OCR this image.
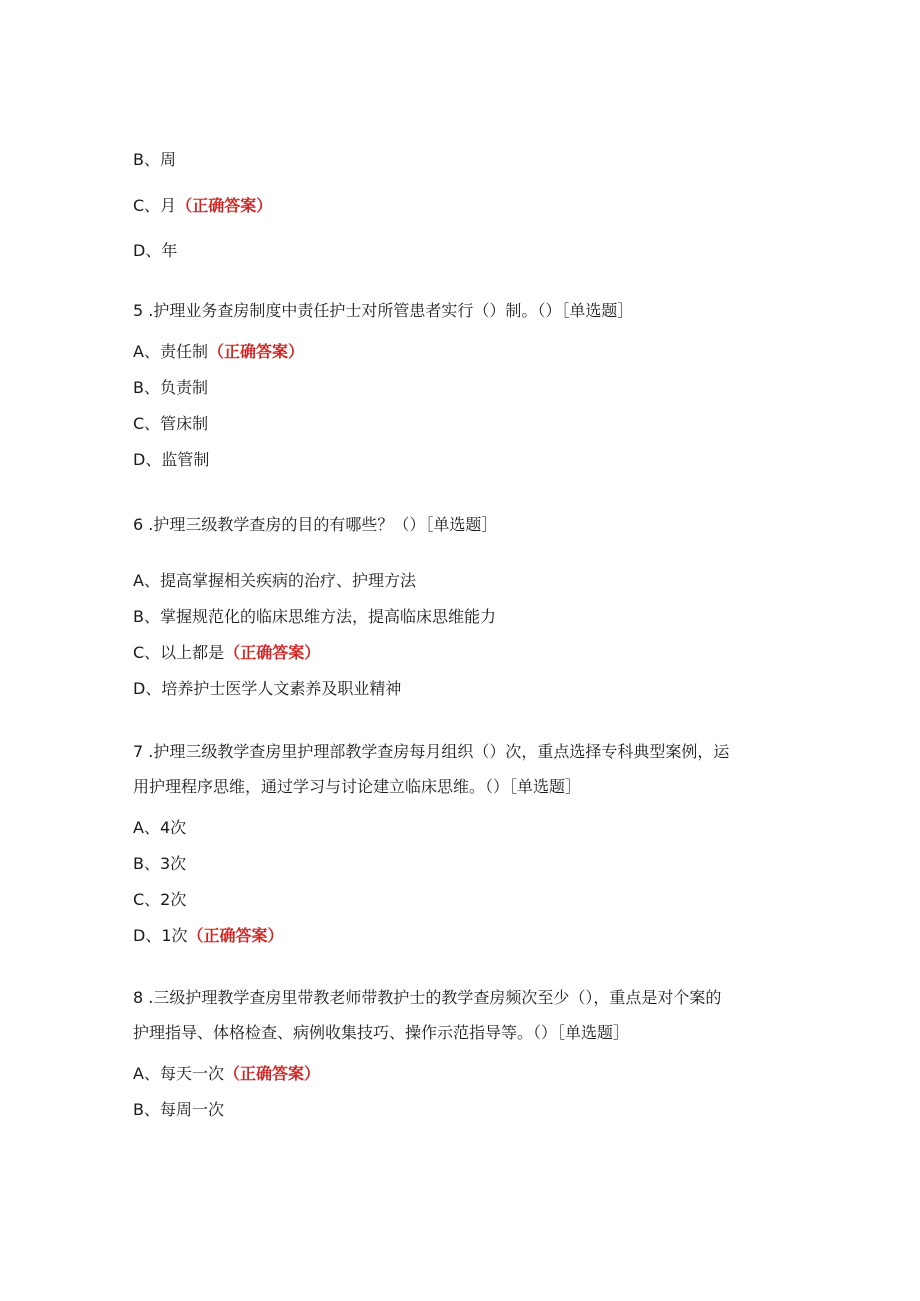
B、周
C、月（正确答案）
D、年
5 .护理业务查房制度中责任护士对所管患者实行（）制。（）［单选题］
A、责任制（正确答案）
B、负责制
C、管床制
D、监管制
6 .护理三级教学查房的目的有哪些？（）［单选题］
A、提高掌握相关疾病的治疗、护理方法
B、掌握规范化的临床思维方法，提高临床思维能力
C、以上都是（正确答案）
D、培养护士医学人文素养及职业精神
7 .护理三级教学查房里护理部教学查房每月组织（）次，重点选择专科典型案例，运
用护理程序思维，通过学习与讨论建立临床思维。（）［单选题］
A、4次
B、3次
C、2次
D、1次（正确答案）
8 .三级护理教学查房里带教老师带教护士的教学查房频次至少（），重点是对个案的
护理指导、体格检查、病例收集技巧、操作示范指导等。（）［单选题］
A、每天一次（正确答案）
B、每周一次
